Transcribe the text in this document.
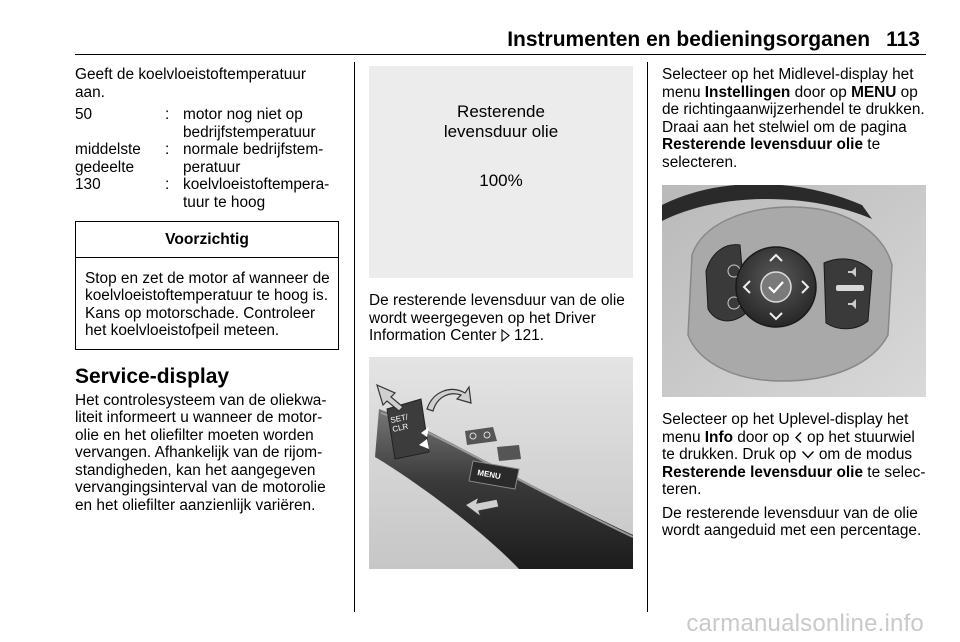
Instrumenten en bedieningsorganen 113

Geeft de koelvloeistoftemperatuur aan.

50	: motor nog niet op bedrijfstemperatuur
middelste gedeelte
: normale bedrijfstemperatuur
130	: koelvloeistoftemperatuur te hoog
Voorzichtig
Stop en zet de motor af wanneer de koelvloeistoftemperatuur te hoog is. Kans op motorschade. Controleer het koelvloeistofpeil meteen.
Service-display

Het controlesysteem van de oliekwaliteit informeert u wanneer de motorolie en het oliefilter moeten worden vervangen. Afhankelijk van de rijomstandigheden, kan het aangegeven vervangingsinterval van de motorolie en het oliefilter aanzienlijk variëren.

Resterende
levensduur olie
100%

De resterende levensduur van de olie wordt weergegeven op het Driver Information Center 121.

SET/
CLR
MENU

Selecteer op het Midlevel-display het menu Instellingen door op MENU op de richtingaanwijzerhendel te drukken. Draai aan het stelwiel om de pagina Resterende levensduur olie te selecteren.

Selecteer op het Uplevel-display het menu Info door op  op het stuurwiel te drukken. Druk op  om de modus Resterende levensduur olie te selecteren.

De resterende levensduur van de olie wordt aangeduid met een percentage.

carmanualsonline.info
